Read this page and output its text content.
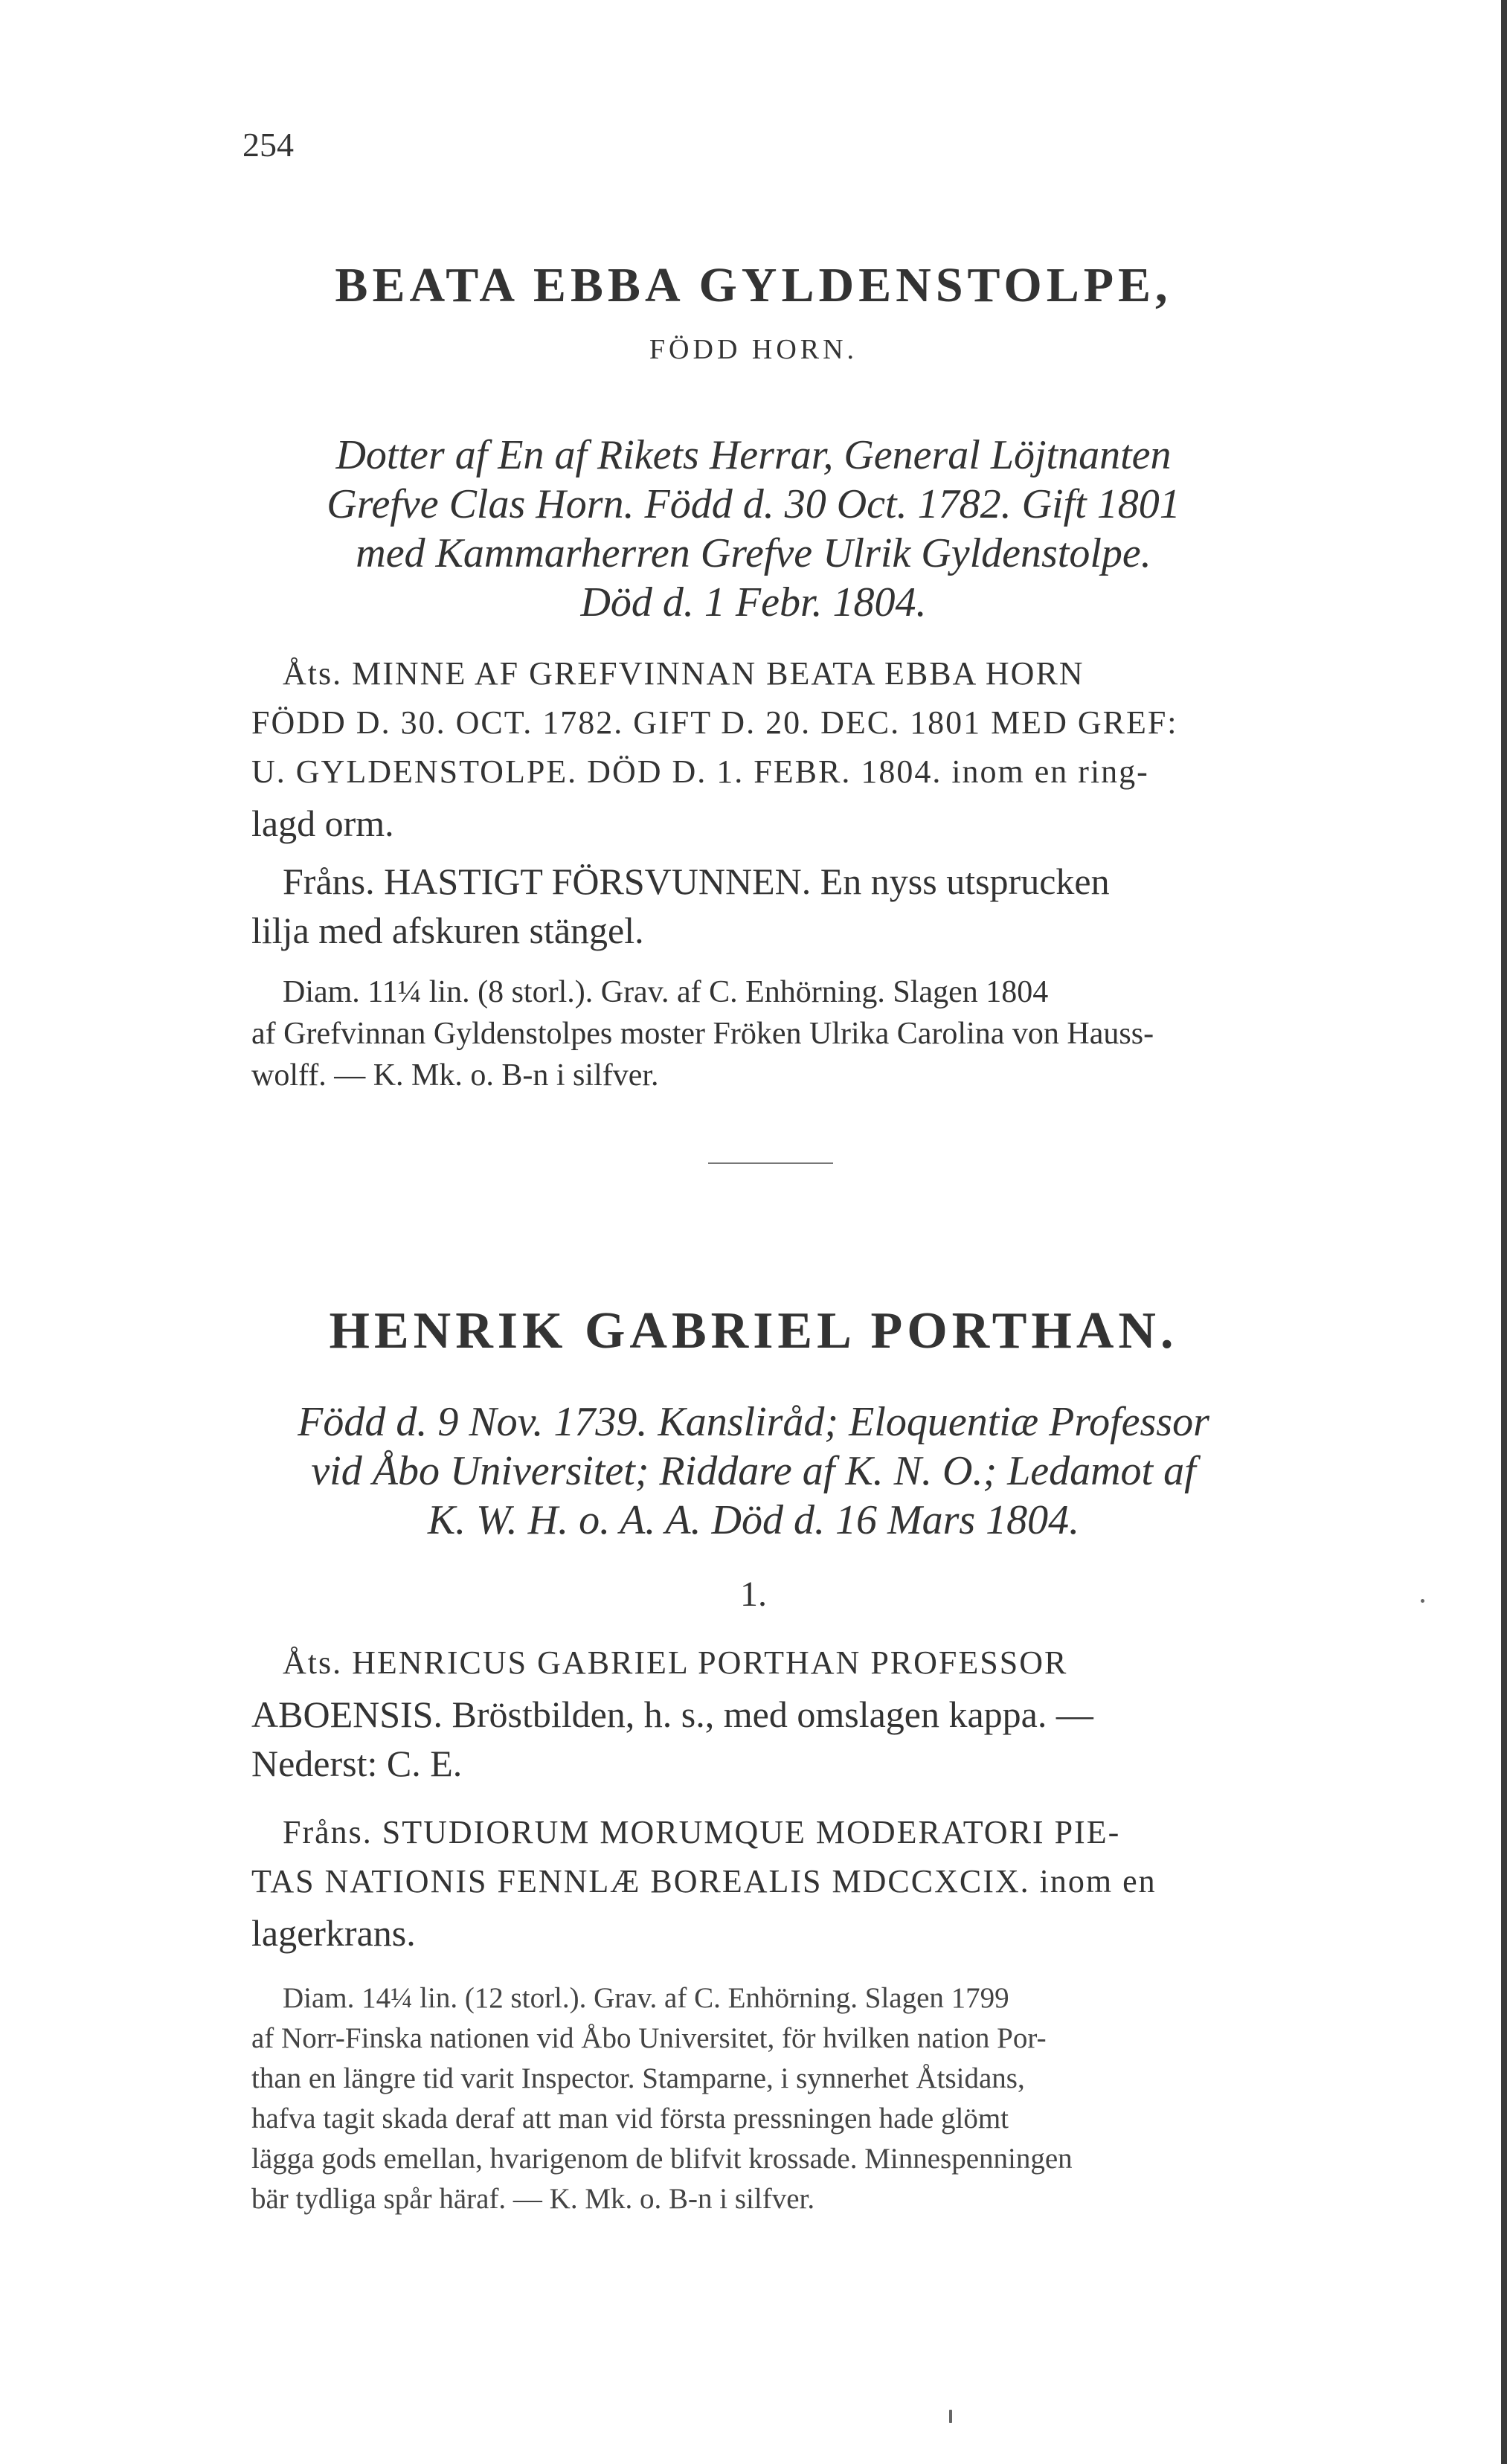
254

BEATA EBBA GYLDENSTOLPE,

FÖDD HORN.

Dotter af En af Rikets Herrar, General Löjtnanten

Grefve Clas Horn. Född d. 30 Oct. 1782. Gift 1801

med Kammarherren Grefve Ulrik Gyldenstolpe.

Död d. 1 Febr. 1804.

Åts. MINNE AF GREFVINNAN BEATA EBBA HORN

FÖDD D. 30. OCT. 1782. GIFT D. 20. DEC. 1801 MED GREF:

U. GYLDENSTOLPE. DÖD D. 1. FEBR. 1804. inom en ring-

lagd orm.

Fråns. HASTIGT FÖRSVUNNEN. En nyss utsprucken

lilja med afskuren stängel.

Diam. 11¼ lin. (8 storl.). Grav. af C. Enhörning. Slagen 1804

af Grefvinnan Gyldenstolpes moster Fröken Ulrika Carolina von Hauss-

wolff. — K. Mk. o. B-n i silfver.

HENRIK GABRIEL PORTHAN.

Född d. 9 Nov. 1739. Kansliråd; Eloquentiæ Professor

vid Åbo Universitet; Riddare af K. N. O.; Ledamot af

K. W. H. o. A. A. Död d. 16 Mars 1804.

1.

Åts. HENRICUS GABRIEL PORTHAN PROFESSOR

ABOENSIS. Bröstbilden, h. s., med omslagen kappa. —

Nederst: C. E.

Fråns. STUDIORUM MORUMQUE MODERATORI PIE-

TAS NATIONIS FENNLÆ BOREALIS MDCCXCIX. inom en

lagerkrans.

Diam. 14¼ lin. (12 storl.). Grav. af C. Enhörning. Slagen 1799

af Norr-Finska nationen vid Åbo Universitet, för hvilken nation Por-

than en längre tid varit Inspector. Stamparne, i synnerhet Åtsidans,

hafva tagit skada deraf att man vid första pressningen hade glömt

lägga gods emellan, hvarigenom de blifvit krossade. Minnespenningen

bär tydliga spår häraf. — K. Mk. o. B-n i silfver.
